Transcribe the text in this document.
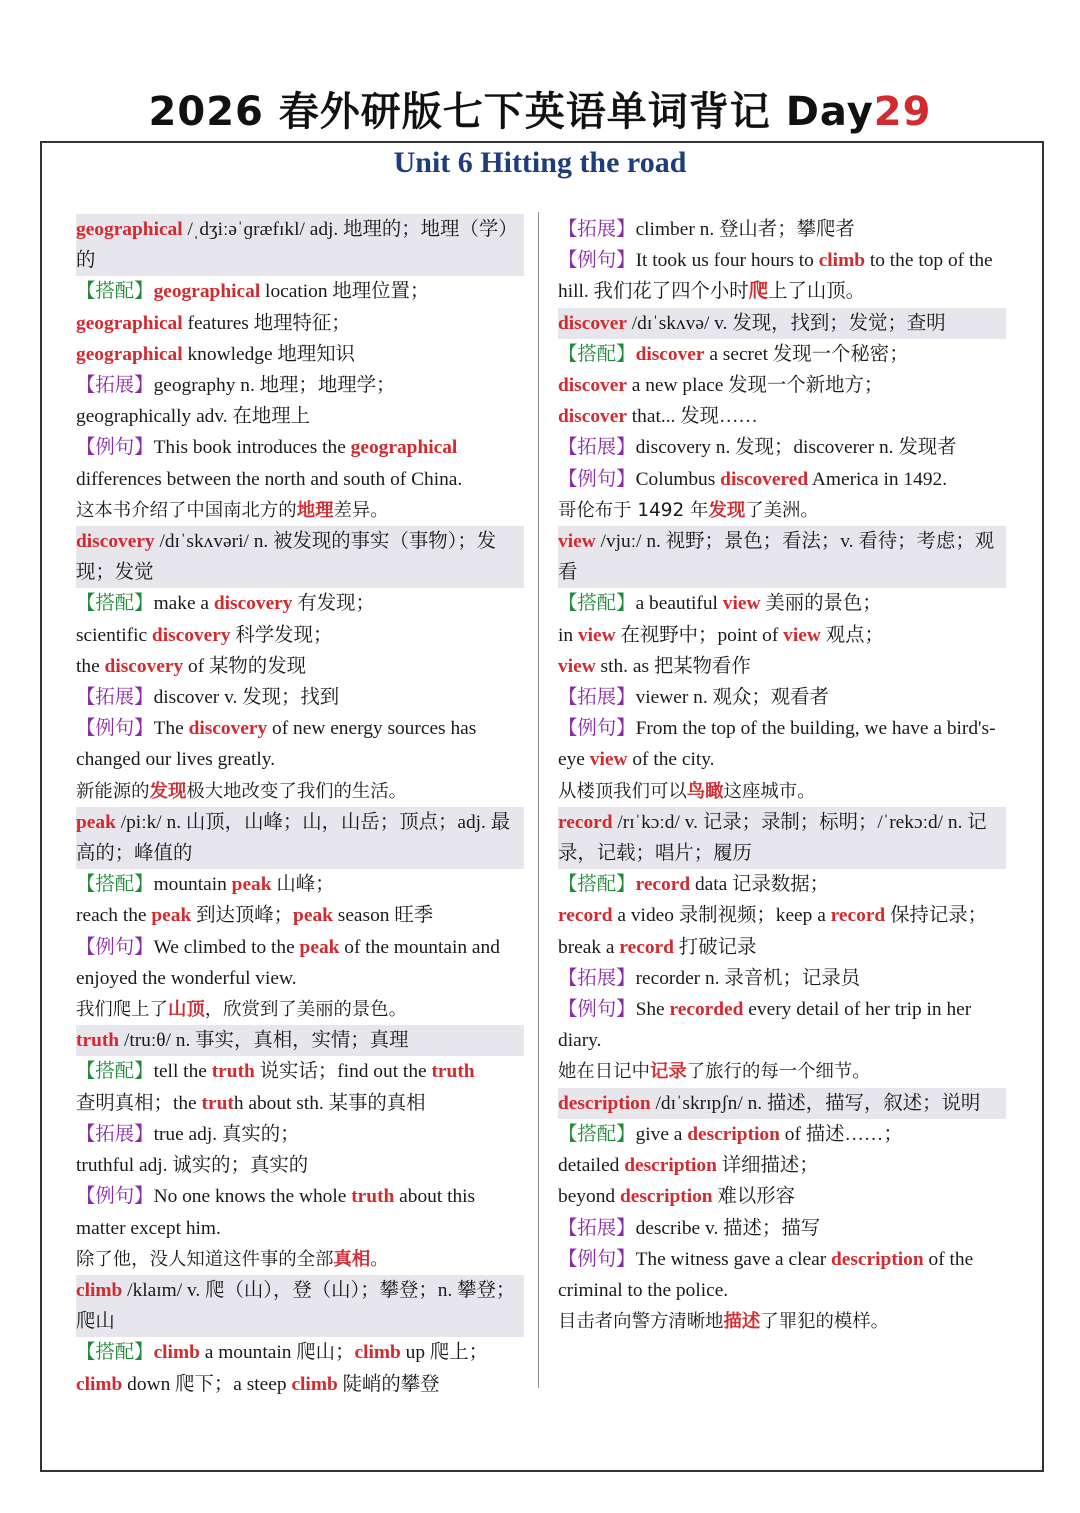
2026 春外研版七下英语单词背记 Day29
Unit 6 Hitting the road
geographical /ˌdʒiːəˈɡræfɪkl/ adj. 地理的；地理（学）的
【搭配】geographical location 地理位置；
geographical features 地理特征；
geographical knowledge 地理知识
【拓展】geography n. 地理；地理学；
geographically adv. 在地理上
【例句】This book introduces the geographical differences between the north and south of China.
这本书介绍了中国南北方的地理差异。
discovery /dɪˈskʌvəri/ n. 被发现的事实（事物）；发现；发觉
【搭配】make a discovery 有发现；
scientific discovery 科学发现；
the discovery of 某物的发现
【拓展】discover v. 发现；找到
【例句】The discovery of new energy sources has changed our lives greatly.
新能源的发现极大地改变了我们的生活。
peak /piːk/ n. 山顶，山峰；山，山岳；顶点；adj. 最高的；峰值的
【搭配】mountain peak 山峰；
reach the peak 到达顶峰；peak season 旺季
【例句】We climbed to the peak of the mountain and enjoyed the wonderful view.
我们爬上了山顶，欣赏到了美丽的景色。
truth /truːθ/ n. 事实，真相，实情；真理
【搭配】tell the truth 说实话；find out the truth
查明真相；the truth about sth. 某事的真相
【拓展】true adj. 真实的；
truthful adj. 诚实的；真实的
【例句】No one knows the whole truth about this matter except him.
除了他，没人知道这件事的全部真相。
climb /klaɪm/ v. 爬（山），登（山）；攀登；n. 攀登；爬山
【搭配】climb a mountain 爬山；climb up 爬上；climb down 爬下；a steep climb 陡峭的攀登
【拓展】climber n. 登山者；攀爬者
【例句】It took us four hours to climb to the top of the hill. 我们花了四个小时爬上了山顶。
discover /dɪˈskʌvə/ v. 发现，找到；发觉；查明
【搭配】discover a secret 发现一个秘密；
discover a new place 发现一个新地方；
discover that... 发现……
【拓展】discovery n. 发现；discoverer n. 发现者
【例句】Columbus discovered America in 1492.
哥伦布于 1492 年发现了美洲。
view /vjuː/ n. 视野；景色；看法；v. 看待；考虑；观看
【搭配】a beautiful view 美丽的景色；
in view 在视野中；point of view 观点；
view sth. as 把某物看作
【拓展】viewer n. 观众；观看者
【例句】From the top of the building, we have a bird's-eye view of the city.
从楼顶我们可以鸟瞰这座城市。
record /rɪˈkɔːd/ v. 记录；录制；标明；/ˈrekɔːd/ n. 记录，记载；唱片；履历
【搭配】record data 记录数据；
record a video 录制视频；keep a record 保持记录；break a record 打破记录
【拓展】recorder n. 录音机；记录员
【例句】She recorded every detail of her trip in her diary.
她在日记中记录了旅行的每一个细节。
description /dɪˈskrɪpʃn/ n. 描述，描写，叙述；说明
【搭配】give a description of 描述……；
detailed description 详细描述；
beyond description 难以形容
【拓展】describe v. 描述；描写
【例句】The witness gave a clear description of the criminal to the police.
目击者向警方清晰地描述了罪犯的模样。
